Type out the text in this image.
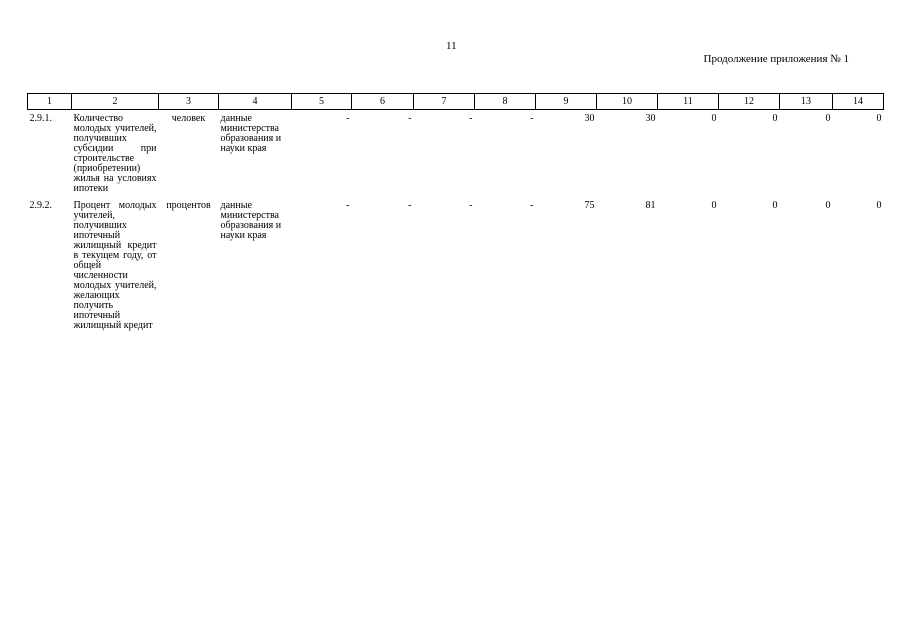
11
Продолжение приложения № 1
1	2	3	4	5	6	7	8	9	10	11	12	13	14
2.9.1.	Количество молодых учителей, получивших субсидии при строительстве (приобретении) жилья на условиях ипотеки	человек	данные министерства образования и науки края	-	-	-	-	30	30	0	0	0	0
2.9.2.	Процент молодых учителей, получивших ипотечный жилищный кредит в текущем году, от общей численности молодых учителей, желающих получить ипотечный жилищный кредит	процентов	данные министерства образования и науки края	-	-	-	-	75	81	0	0	0	0
